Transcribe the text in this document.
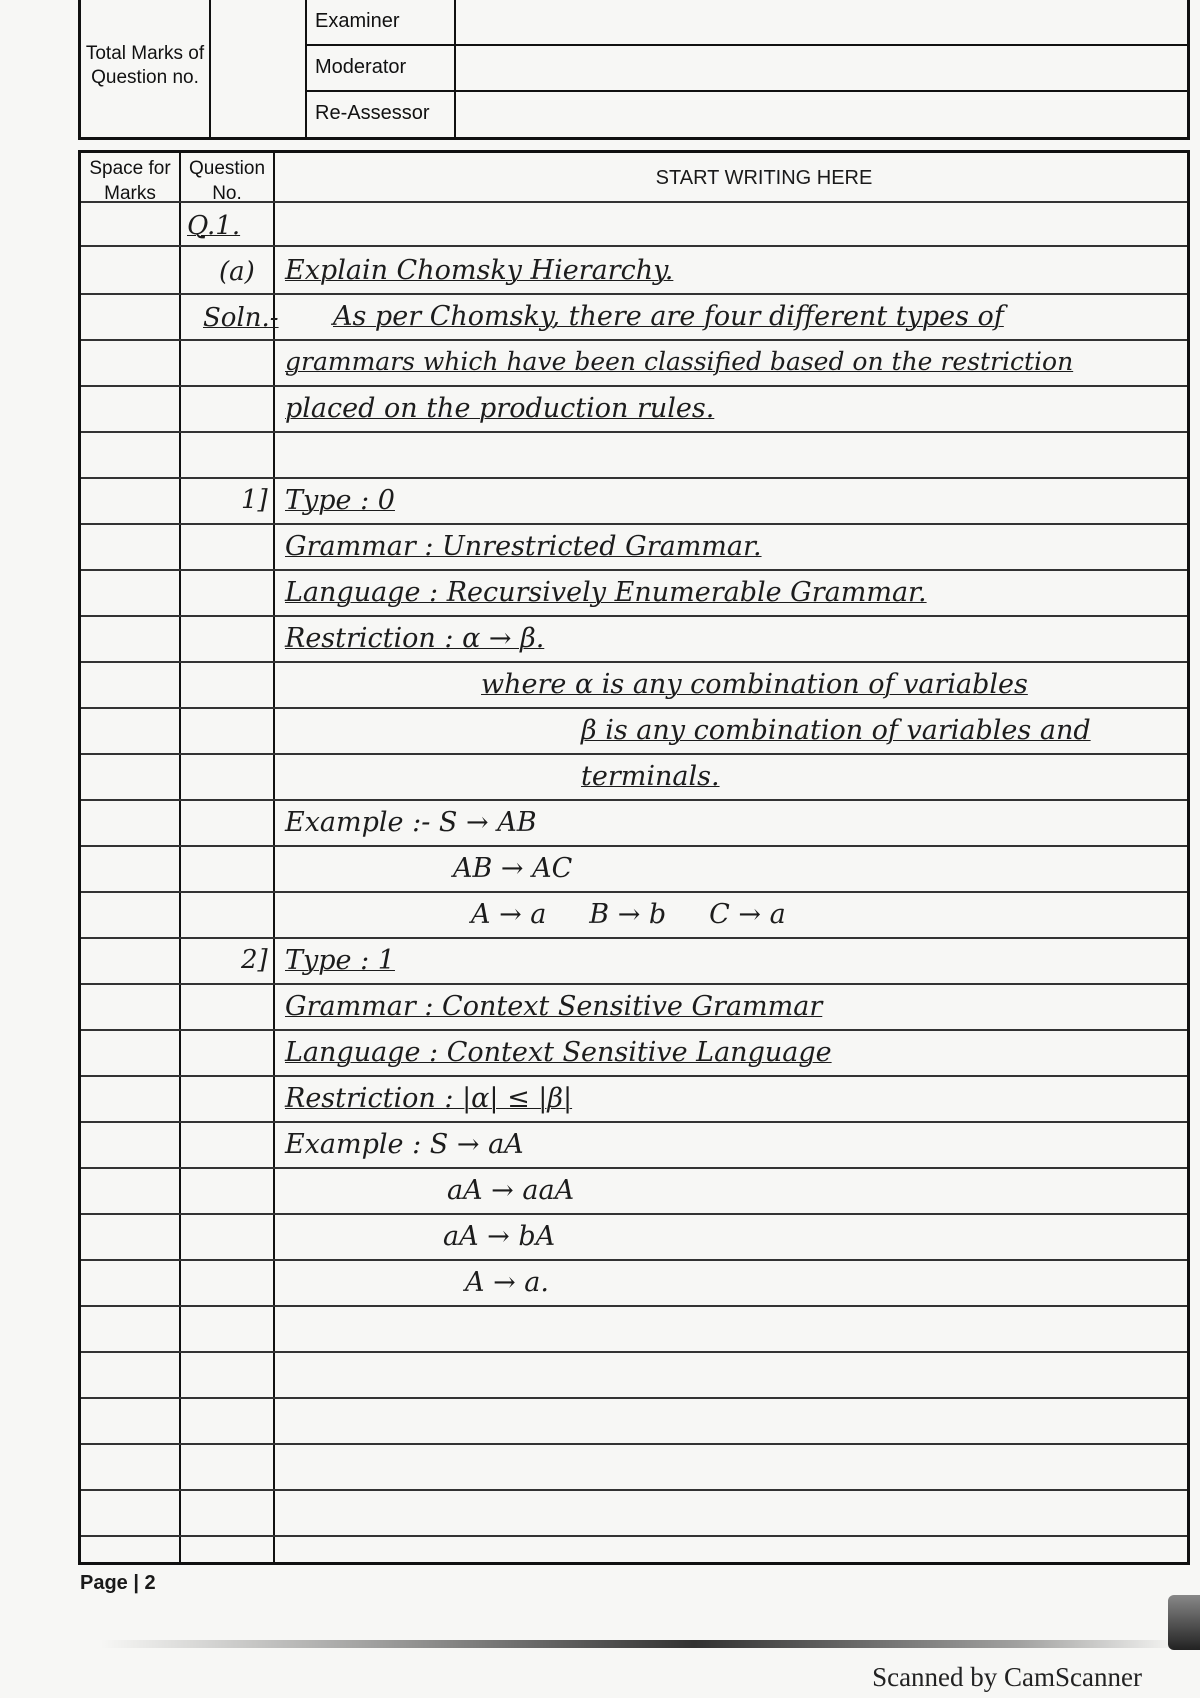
Total Marks of Question no.
Examiner
Moderator
Re-Assessor
Space for Marks
Question No.
START WRITING HERE
Q.1.
(a)
Soln.-
1]
2]
Explain Chomsky Hierarchy.
As per Chomsky, there are four different types of
grammars which have been classified based on the restriction
placed on the production rules.
Type : 0
Grammar : Unrestricted Grammar.
Language : Recursively Enumerable Grammar.
Restriction : α → β.
where α is any combination of variables
β is any combination of variables and
terminals.
Example :- S → AB
AB → AC
A → a     B → b     C → a
Type : 1
Grammar : Context Sensitive Grammar
Language : Context Sensitive Language
Restriction : |α| ≤ |β|
Example : S → aA
aA → aaA
aA → bA
A → a.
Page | 2
Scanned by CamScanner
